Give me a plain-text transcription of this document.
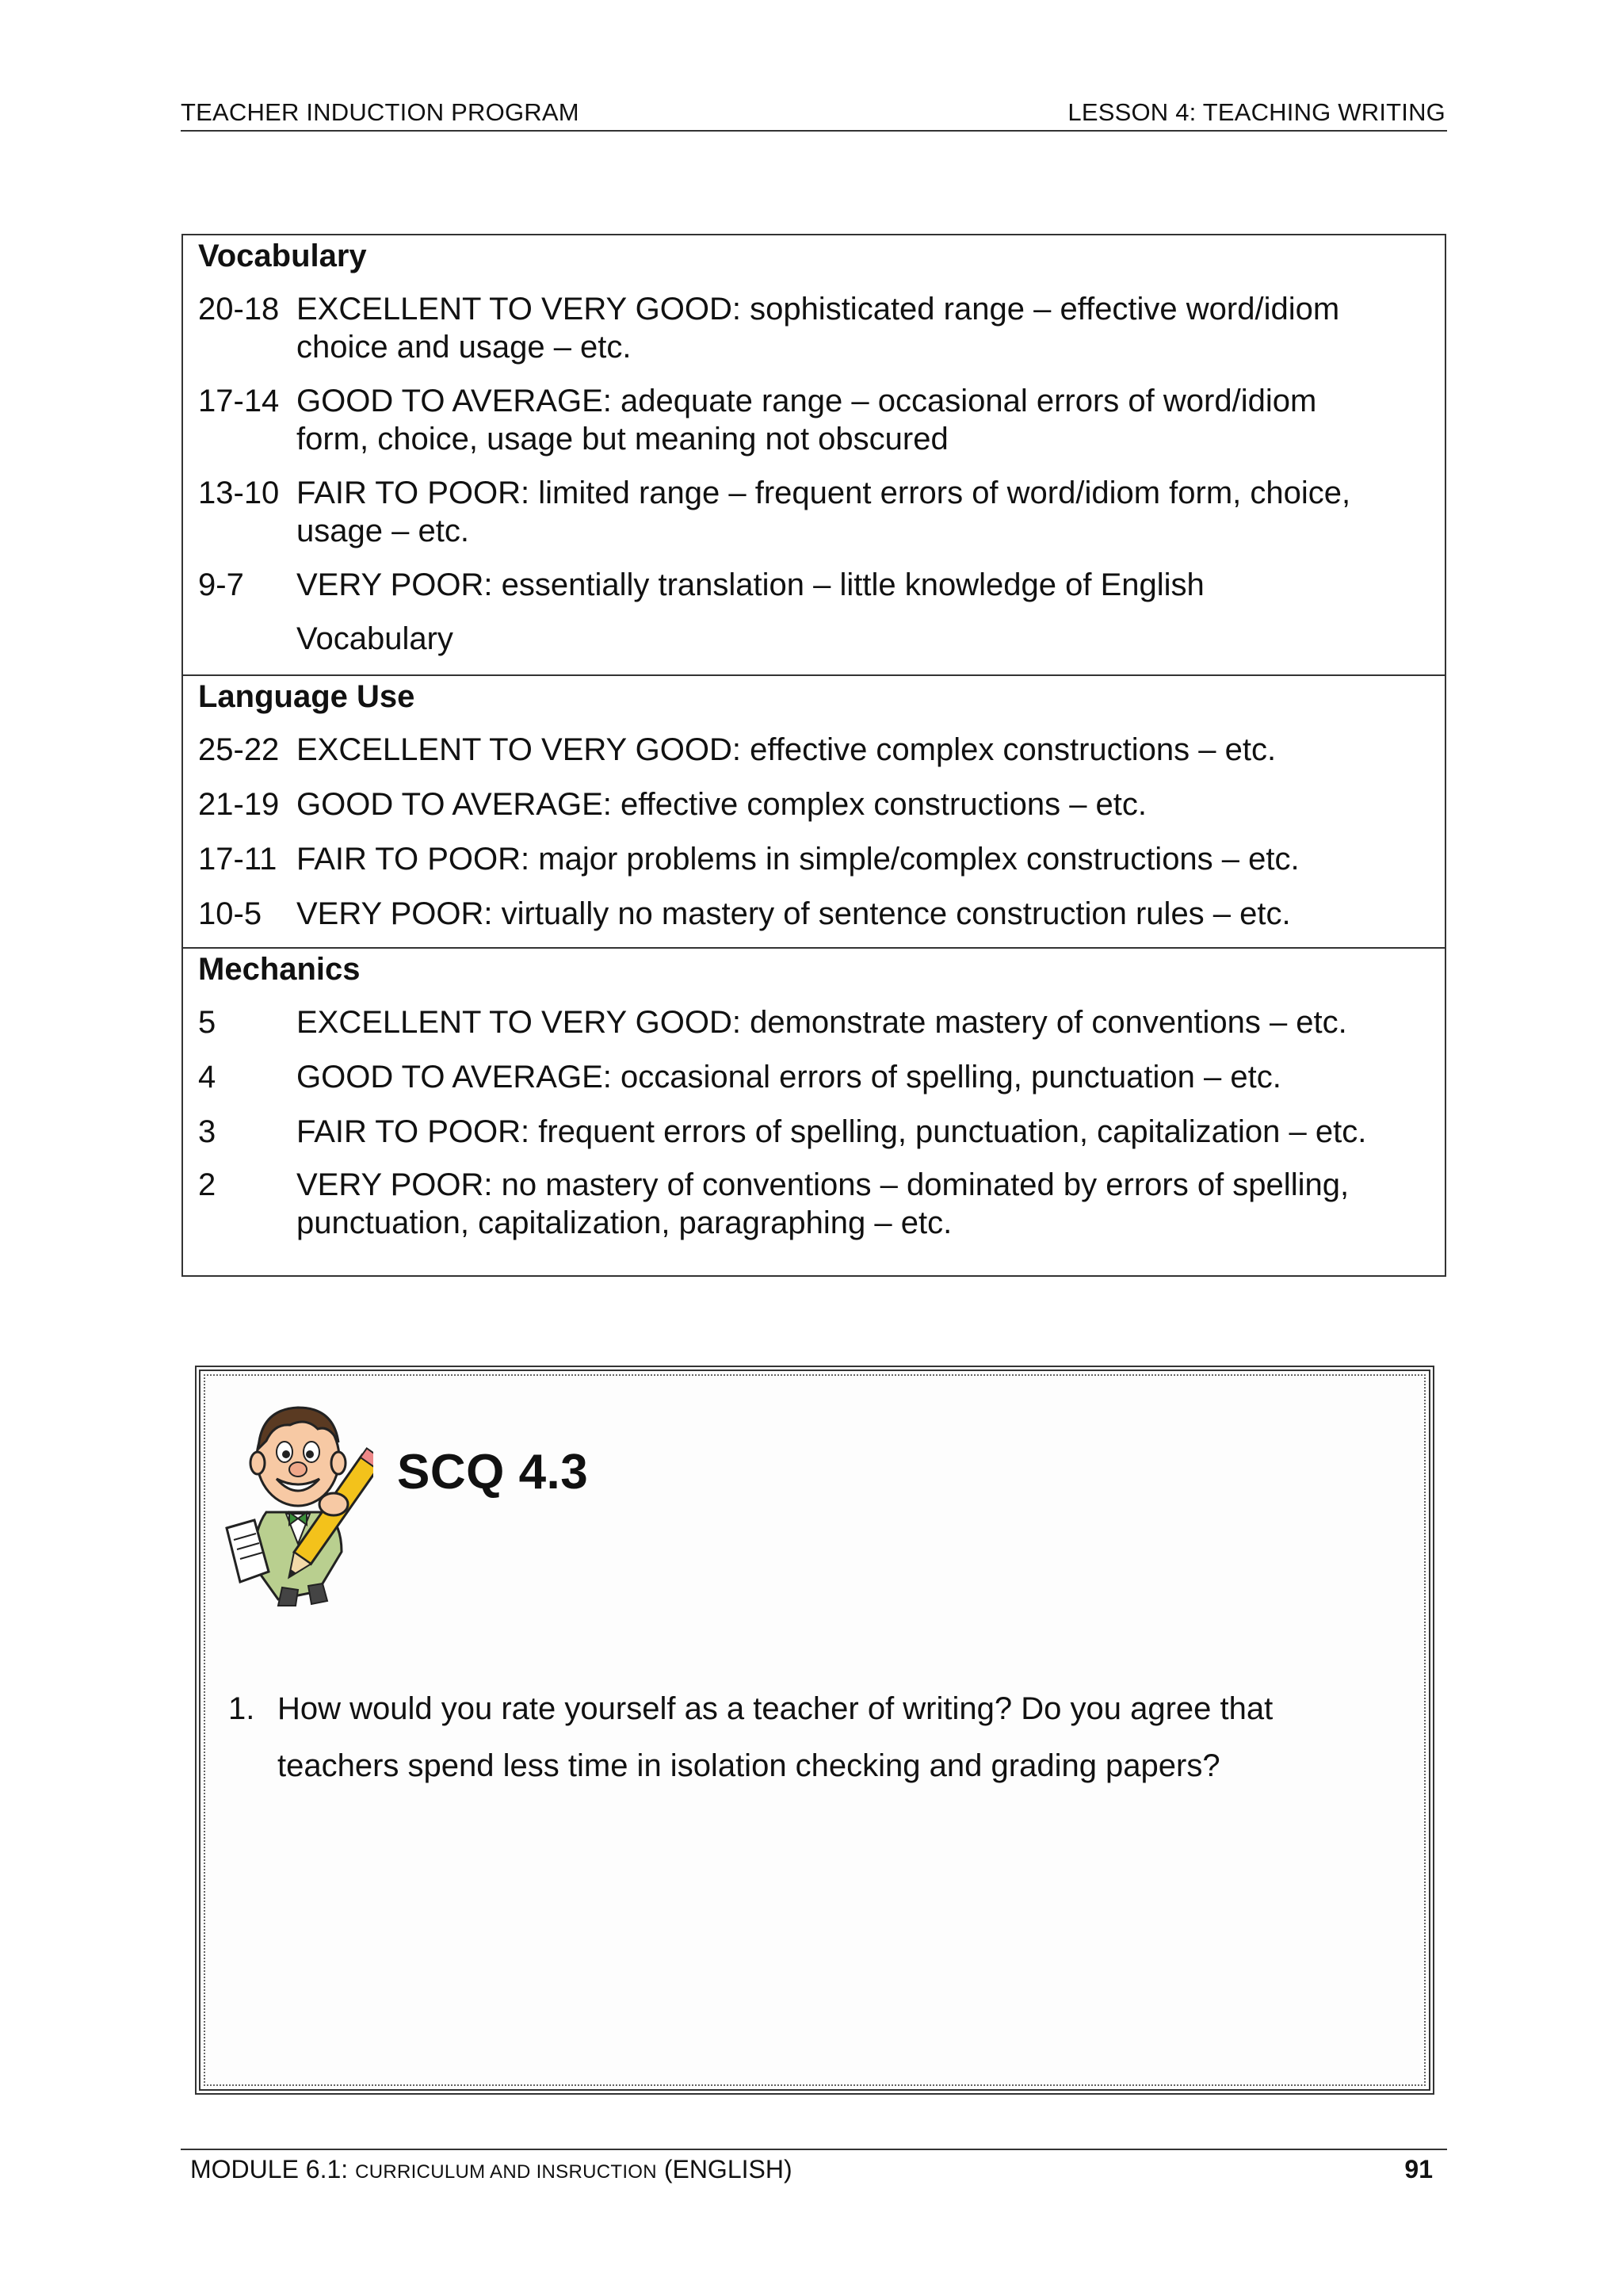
TEACHER INDUCTION PROGRAM	LESSON 4: TEACHING WRITING
Vocabulary
20-18 EXCELLENT TO VERY GOOD: sophisticated range – effective word/idiom
choice and usage – etc.
17-14 GOOD TO AVERAGE: adequate range – occasional errors of word/idiom
form, choice, usage but meaning not obscured
13-10 FAIR TO POOR: limited range – frequent errors of word/idiom form, choice,
usage – etc.
9-7	VERY POOR: essentially translation – little knowledge of English
Vocabulary
Language Use
25-22 EXCELLENT TO VERY GOOD: effective complex constructions – etc.
21-19 GOOD TO AVERAGE: effective complex constructions – etc.
17-11 FAIR TO POOR: major problems in simple/complex constructions – etc.
10-5	VERY POOR: virtually no mastery of sentence construction rules – etc.
Mechanics
5	EXCELLENT TO VERY GOOD: demonstrate mastery of conventions – etc.
4	GOOD TO AVERAGE: occasional errors of spelling, punctuation – etc.
3	FAIR TO POOR: frequent errors of spelling, punctuation, capitalization – etc.
2	VERY POOR: no mastery of conventions – dominated by errors of spelling,
punctuation, capitalization, paragraphing – etc.
SCQ 4.3
1. How would you rate yourself as a teacher of writing? Do you agree that
teachers spend less time in isolation checking and grading papers?
MODULE 6.1: CURRICULUM AND INSRUCTION (ENGLISH)	91
